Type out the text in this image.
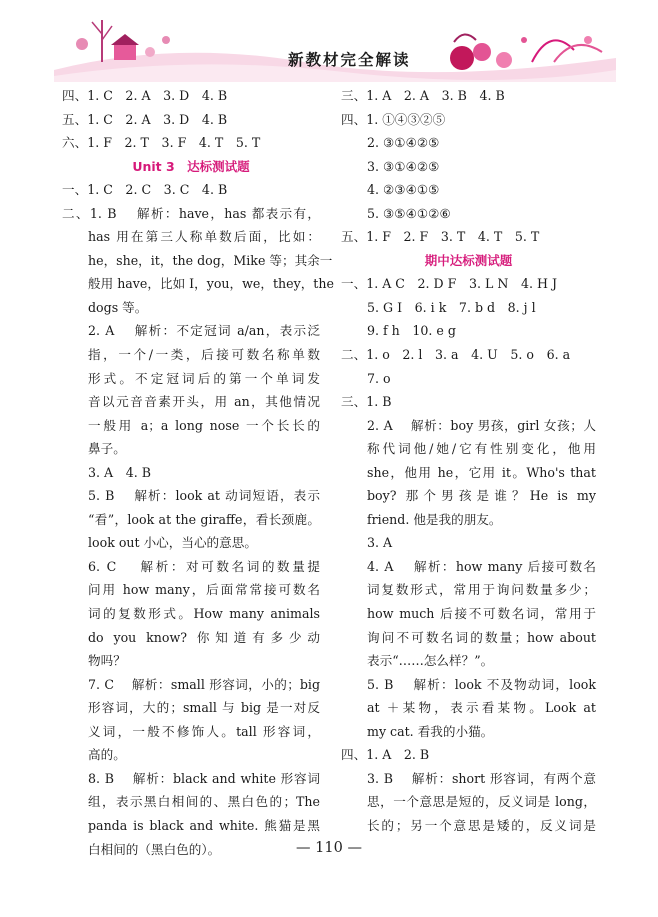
新教材完全解读
四、1. C　2. A　3. D　4. B
五、1. C　2. A　3. D　4. B
六、1. F　2. T　3. F　4. T　5. T
Unit 3　达标测试题
一、1. C　2. C　3. C　4. B
二、1. B　 解析：have，has 都表示有，
has 用在第三人称单数后面，比如：
he，she，it，the dog，Mike 等；其余一
般用 have，比如 I，you，we，they，the
dogs 等。
2. A　 解析：不定冠词 a/an，表示泛
指，一个/一类，后接可数名称单数
形式。不定冠词后的第一个单词发
音以元音音素开头，用 an，其他情况
一般用 a；a long nose 一个长长的
鼻子。
3. A　4. B
5. B　 解析：look at 动词短语，表示
“看”，look at the giraffe，看长颈鹿。
look out 小心，当心的意思。
6. C　 解析：对可数名词的数量提
问用 how many，后面常常接可数名
词的复数形式。How many animals
do you know? 你知道有多少动
物吗？
7. C　 解析：small 形容词，小的；big
形容词，大的；small 与 big 是一对反
义词，一般不修饰人。tall 形容词，
高的。
8. B　 解析：black and white 形容词
组，表示黑白相间的、黑白色的；The
panda is black and white. 熊猫是黑
白相间的（黑白色的）。
三、1. A　2. A　3. B　4. B
四、1. ①④③②⑤
2. ③①④②⑤
3. ③①④②⑤
4. ②③④①⑤
5. ③⑤④①②⑥
五、1. F　2. F　3. T　4. T　5. T
期中达标测试题
一、1. A C　2. D F　3. L N　4. H J
5. G I　6. i k　7. b d　8. j l
9. f h　10. e g
二、1. o　2. l　3. a　4. U　5. o　6. a
7. o
三、1. B
2. A　 解析：boy 男孩，girl 女孩；人
称代词他/她/它有性别变化，他用
she，他用 he，它用 it。Who's that
boy? 那个男孩是谁？He is my
friend. 他是我的朋友。
3. A
4. A　 解析：how many 后接可数名
词复数形式，常用于询问数量多少；
how much 后接不可数名词，常用于
询问不可数名词的数量；how about
表示“……怎么样？”。
5. B　 解析：look 不及物动词，look
at ＋某物，表示看某物。Look at
my cat. 看我的小猫。
四、1. A　2. B
3. B　 解析：short 形容词，有两个意
思，一个意思是短的，反义词是 long，
长的；另一个意思是矮的，反义词是
— 110 —
